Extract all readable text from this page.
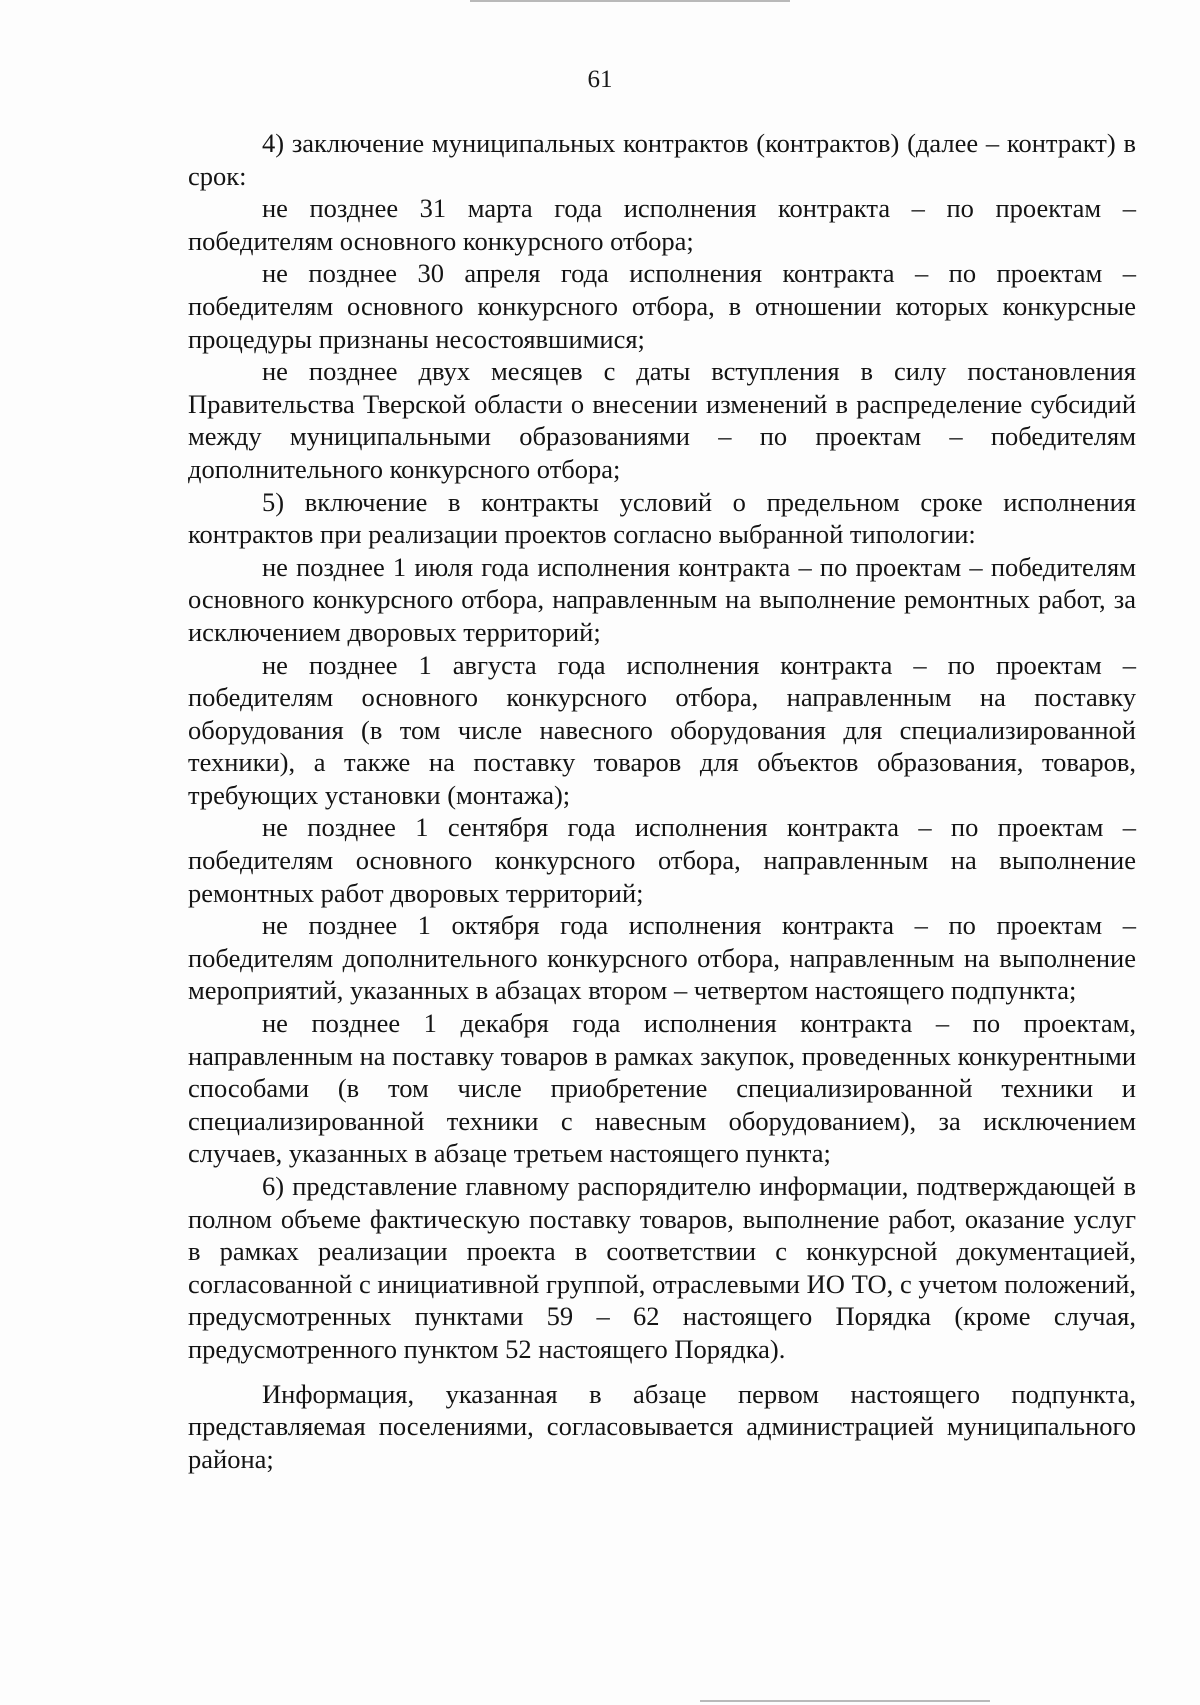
61

4) заключение муниципальных контрактов (контрактов) (далее – контракт) в срок:

не позднее 31 марта года исполнения контракта – по проектам – победителям основного конкурсного отбора;

не позднее 30 апреля года исполнения контракта – по проектам – победителям основного конкурсного отбора, в отношении которых конкурсные процедуры признаны несостоявшимися;

не позднее двух месяцев с даты вступления в силу постановления Правительства Тверской области о внесении изменений в распределение субсидий между муниципальными образованиями – по проектам – победителям дополнительного конкурсного отбора;

5) включение в контракты условий о предельном сроке исполнения контрактов при реализации проектов согласно выбранной типологии:

не позднее 1 июля года исполнения контракта – по проектам – победителям основного конкурсного отбора, направленным на выполнение ремонтных работ, за исключением дворовых территорий;

не позднее 1 августа года исполнения контракта – по проектам – победителям основного конкурсного отбора, направленным на поставку оборудования (в том числе навесного оборудования для специализированной техники), а также на поставку товаров для объектов образования, товаров, требующих установки (монтажа);

не позднее 1 сентября года исполнения контракта – по проектам – победителям основного конкурсного отбора, направленным на выполнение ремонтных работ дворовых территорий;

не позднее 1 октября года исполнения контракта – по проектам – победителям дополнительного конкурсного отбора, направленным на выполнение мероприятий, указанных в абзацах втором – четвертом настоящего подпункта;

не позднее 1 декабря года исполнения контракта – по проектам, направленным на поставку товаров в рамках закупок, проведенных конкурентными способами (в том числе приобретение специализированной техники и специализированной техники с навесным оборудованием), за исключением случаев, указанных в абзаце третьем настоящего пункта;

6) представление главному распорядителю информации, подтверждающей в полном объеме фактическую поставку товаров, выполнение работ, оказание услуг в рамках реализации проекта в соответствии с конкурсной документацией, согласованной с инициативной группой, отраслевыми ИО ТО, с учетом положений, предусмотренных пунктами 59 – 62 настоящего Порядка (кроме случая, предусмотренного пунктом 52 настоящего Порядка).

Информация, указанная в абзаце первом настоящего подпункта, представляемая поселениями, согласовывается администрацией муниципального района;
